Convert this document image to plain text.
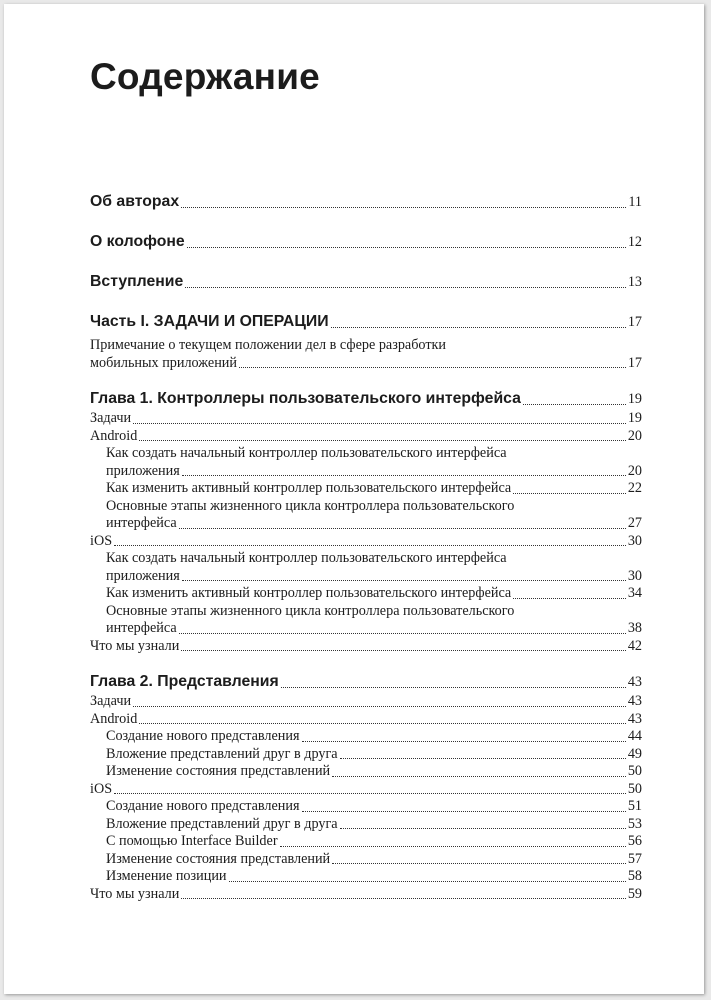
Содержание
Об авторах	11
О колофоне	12
Вступление	13
Часть I. ЗАДАЧИ И ОПЕРАЦИИ	17
Примечание о текущем положении дел в сфере разработки
мобильных приложений	17
Глава 1. Контроллеры пользовательского интерфейса	19
Задачи	19
Android	20
Как создать начальный контроллер пользовательского интерфейса
приложения	20
Как изменить активный контроллер пользовательского интерфейса	22
Основные этапы жизненного цикла контроллера пользовательского
интерфейса	27
iOS	30
Как создать начальный контроллер пользовательского интерфейса
приложения	30
Как изменить активный контроллер пользовательского интерфейса	34
Основные этапы жизненного цикла контроллера пользовательского
интерфейса	38
Что мы узнали	42
Глава 2. Представления	43
Задачи	43
Android	43
Создание нового представления	44
Вложение представлений друг в друга	49
Изменение состояния представлений	50
iOS	50
Создание нового представления	51
Вложение представлений друг в друга	53
С помощью Interface Builder	56
Изменение состояния представлений	57
Изменение позиции	58
Что мы узнали	59
